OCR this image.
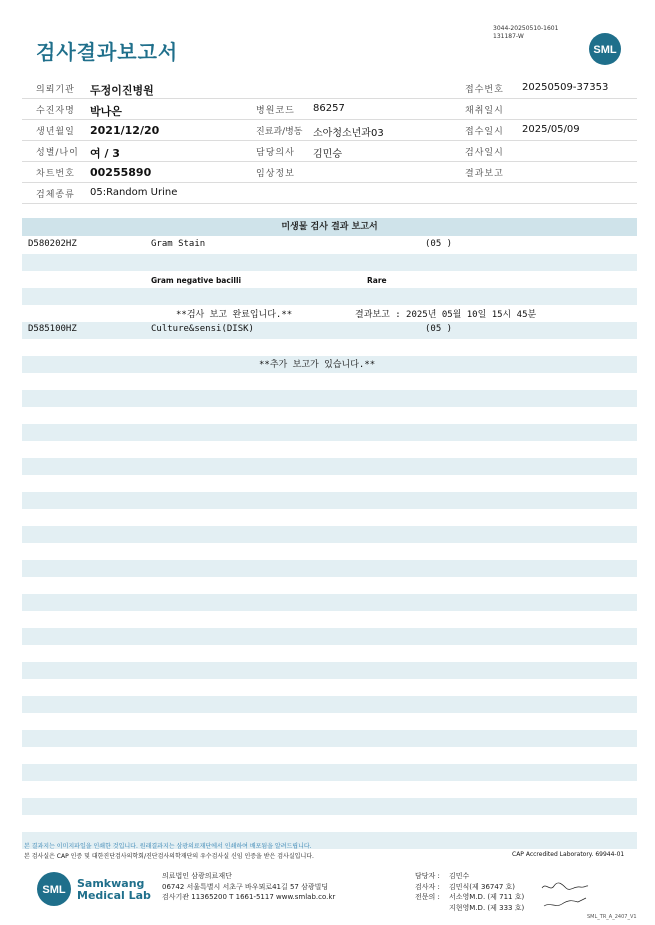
검사결과보고서
3044-20250510-1601
131187-W
SML
의뢰기관 두정이진병원	접수번호 20250509-37353
수진자명 박나은	병원코드 86257	채취일시
생년월일 2021/12/20	진료과/병동 소아청소년과03	접수일시 2025/05/09
성별/나이 여 / 3	담당의사 김민승	검사일시
차트번호 00255890	임상정보	결과보고
검체종류 05:Random Urine
미생물 검사 결과 보고서
D580202HZ	Gram Stain	(05 )
Gram negative bacilli	Rare
**검사 보고 완료입니다.**	결과보고 : 2025년 05월 10일 15시 45분
D585100HZ	Culture&sensi(DISK)	(05 )
**추가 보고가 있습니다.**
본 결과지는 이미지파일을 인쇄한 것입니다. 원래결과지는 삼광의료재단에서 인쇄하여 배포됨을 알려드립니다.
본 검사실은 CAP 인증 및 대한진단검사의학회/진단검사의학재단의 우수검사실 신임 인증을 받은 검사실입니다.	CAP Accredited Laboratory. 69944-01
SML Samkwang
Medical Lab
의료법인 삼광의료재단
06742 서울특별시 서초구 바우뫼로41길 57 삼광빌딩
검사기관 11365200 T 1661-5117 www.smlab.co.kr
담당자 : 김민수
검사자 : 김민식(제 36747 호)
전문의 : 서소영M.D. (제 711 호)
지현영M.D. (제 333 호)
SML_TR_A_2407_V1
